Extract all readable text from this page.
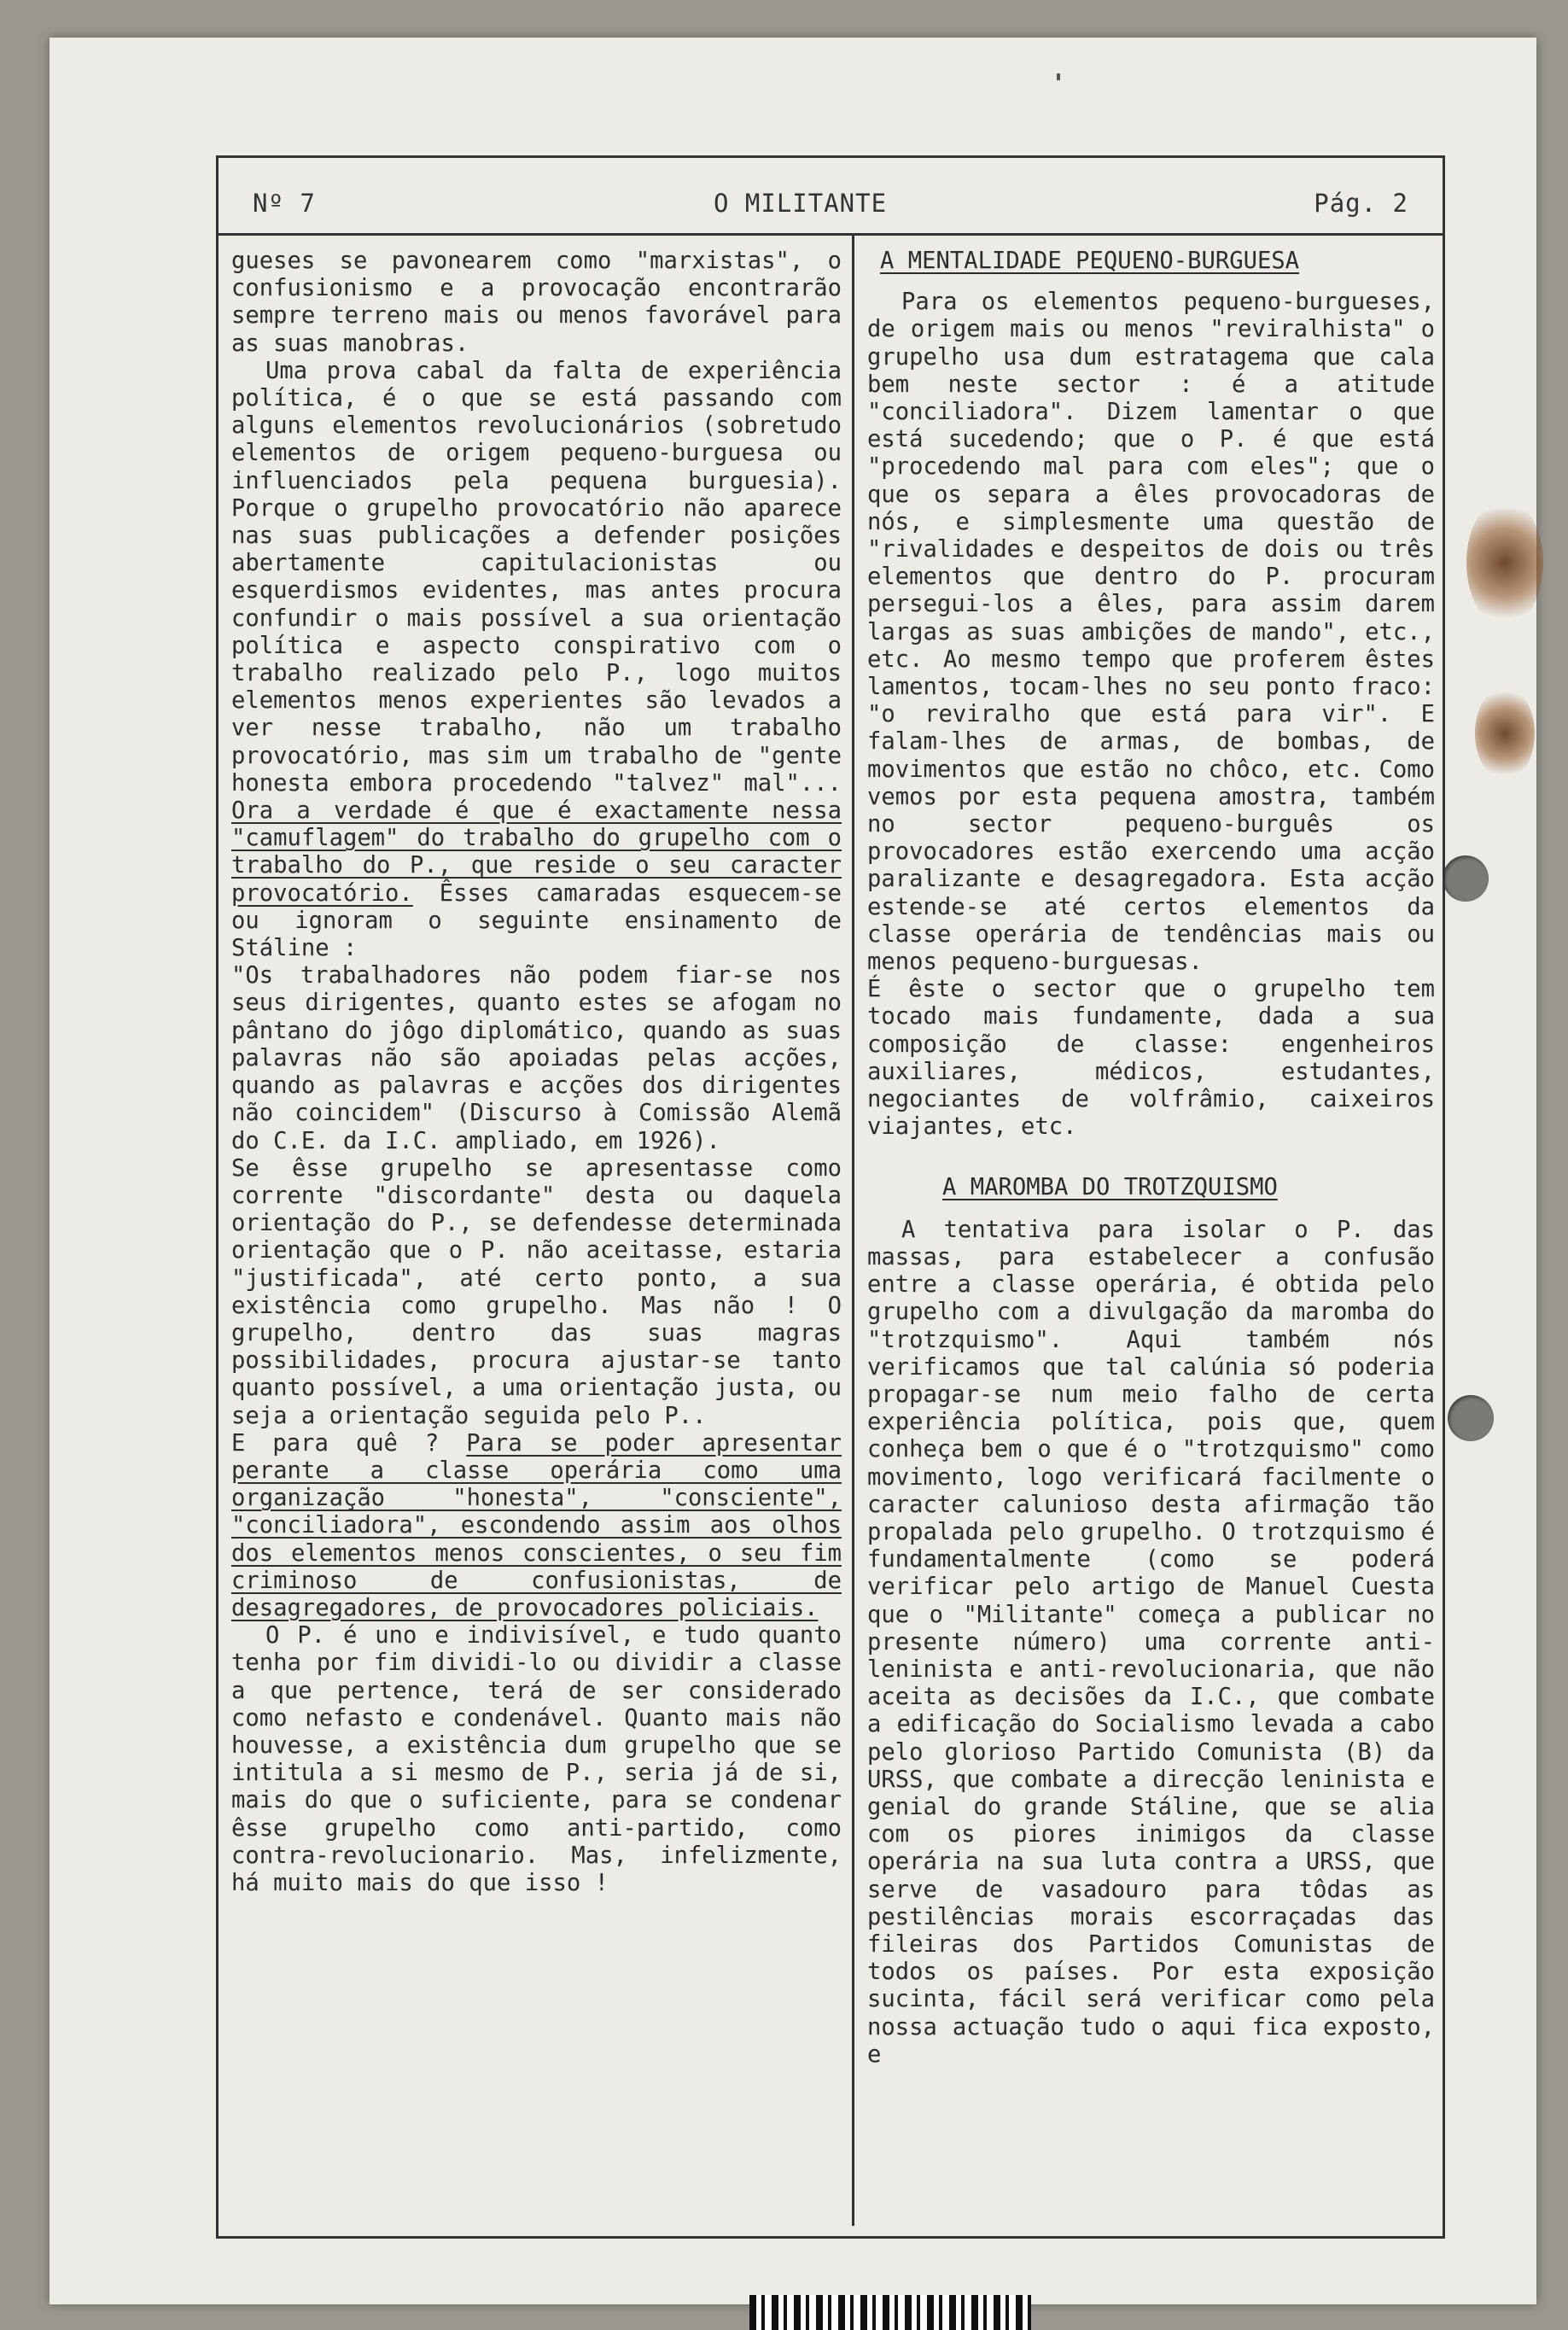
Nº 7	O MILITANTE	Pág. 2

gueses se pavonearem como "marxistas", o confusionismo e a provocação encontrarão sempre terreno mais ou menos favorável para as suas manobras.

Uma prova cabal da falta de experiência política, é o que se está passando com alguns elementos revolucionários (sobretudo elementos de origem pequeno-burguesa ou influenciados pela pequena burguesia). Porque o grupelho provocatório não aparece nas suas publicações a defender posições abertamente capitulacionistas ou esquerdismos evidentes, mas antes procura confundir o mais possível a sua orientação política e aspecto conspirativo com o trabalho realizado pelo P., logo muitos elementos menos experientes são levados a ver nesse trabalho, não um trabalho provocatório, mas sim um trabalho de "gente honesta embora procedendo "talvez" mal"... Ora a verdade é que é exactamente nessa "camuflagem" do trabalho do grupelho com o trabalho do P., que reside o seu caracter provocatório. Êsses camaradas esquecem-se ou ignoram o seguinte ensinamento de Stáline :

"Os trabalhadores não podem fiar-se nos seus dirigentes, quanto estes se afogam no pântano do jôgo diplomático, quando as suas palavras não são apoiadas pelas acções, quando as palavras e acções dos dirigentes não coincidem" (Discurso à Comissão Alemã do C.E. da I.C. ampliado, em 1926).

Se êsse grupelho se apresentasse como corrente "discordante" desta ou daquela orientação do P., se defendesse determinada orientação que o P. não aceitasse, estaria "justificada", até certo ponto, a sua existência como grupelho. Mas não ! O grupelho, dentro das suas magras possibilidades, procura ajustar-se tanto quanto possível, a uma orientação justa, ou seja a orientação seguida pelo P..

E para quê ? Para se poder apresentar perante a classe operária como uma organização "honesta", "consciente", "conciliadora", escondendo assim aos olhos dos elementos menos conscientes, o seu fim criminoso de confusionistas, de desagregadores, de provocadores policiais.

O P. é uno e indivisível, e tudo quanto tenha por fim dividi-lo ou dividir a classe a que pertence, terá de ser considerado como nefasto e condenável. Quanto mais não houvesse, a existência dum grupelho que se intitula a si mesmo de P., seria já de si, mais do que o suficiente, para se condenar êsse grupelho como anti-partido, como contra-revolucionario. Mas, infelizmente, há muito mais do que isso !

A MENTALIDADE PEQUENO-BURGUESA

Para os elementos pequeno-burgueses, de origem mais ou menos "reviralhista" o grupelho usa dum estratagema que cala bem neste sector : é a atitude "conciliadora". Dizem lamentar o que está sucedendo; que o P. é que está "procedendo mal para com eles"; que o que os separa a êles provocadoras de nós, e simplesmente uma questão de "rivalidades e despeitos de dois ou três elementos que dentro do P. procuram persegui-los a êles, para assim darem largas as suas ambições de mando", etc., etc. Ao mesmo tempo que proferem êstes lamentos, tocam-lhes no seu ponto fraco: "o reviralho que está para vir". E falam-lhes de armas, de bombas, de movimentos que estão no chôco, etc. Como vemos por esta pequena amostra, também no sector pequeno-burguês os provocadores estão exercendo uma acção paralizante e desagregadora. Esta acção estende-se até certos elementos da classe operária de tendências mais ou menos pequeno-burguesas.

É êste o sector que o grupelho tem tocado mais fundamente, dada a sua composição de classe: engenheiros auxiliares, médicos, estudantes, negociantes de volfrâmio, caixeiros viajantes, etc.

A MAROMBA DO TROTZQUISMO

A tentativa para isolar o P. das massas, para estabelecer a confusão entre a classe operária, é obtida pelo grupelho com a divulgação da maromba do "trotzquismo". Aqui também nós verificamos que tal calúnia só poderia propagar-se num meio falho de certa experiência política, pois que, quem conheça bem o que é o "trotzquismo" como movimento, logo verificará facilmente o caracter calunioso desta afirmação tão propalada pelo grupelho. O trotzquismo é fundamentalmente (como se poderá verificar pelo artigo de Manuel Cuesta que o "Militante" começa a publicar no presente número) uma corrente anti-leninista e anti-revolucionaria, que não aceita as decisões da I.C., que combate a edificação do Socialismo levada a cabo pelo glorioso Partido Comunista (B) da URSS, que combate a direcção leninista e genial do grande Stáline, que se alia com os piores inimigos da classe operária na sua luta contra a URSS, que serve de vasadouro para tôdas as pestilências morais escorraçadas das fileiras dos Partidos Comunistas de todos os países. Por esta exposição sucinta, fácil será verificar como pela nossa actuação tudo o aqui fica exposto, e
